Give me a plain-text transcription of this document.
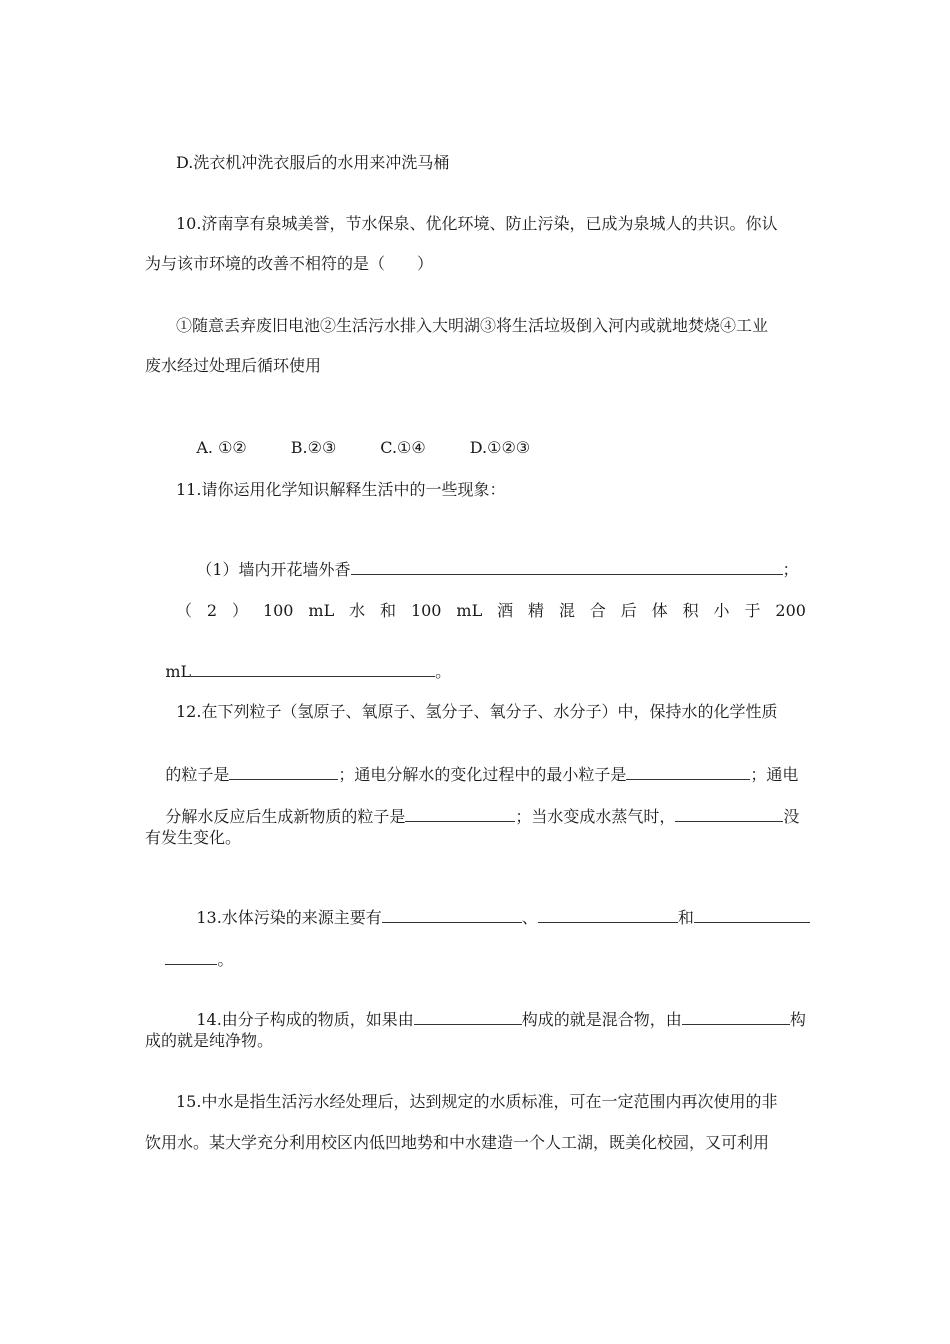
D.洗衣机冲洗衣服后的水用来冲洗马桶
10.济南享有泉城美誉，节水保泉、优化环境、防止污染，已成为泉城人的共识。你认
为与该市环境的改善不相符的是（　　）
①随意丢弃废旧电池②生活污水排入大明湖③将生活垃圾倒入河内或就地焚烧④工业
废水经过处理后循环使用

A. ①②	B.②③	C.①④	D.①②③

11.请你运用化学知识解释生活中的一些现象：

（1）墙内开花墙外香	；

（ 2 ） 100 mL 水 和 100 mL 酒 精 混 合 后 体 积 小 于 200

mL	。

12.在下列粒子（氢原子、氧原子、氢分子、氧分子、水分子）中，保持水的化学性质

的粒子是	；通电分解水的变化过程中的最小粒子是	；通电

分解水反应后生成新物质的粒子是	；当水变成水蒸气时，	没

有发生变化。

13.水体污染的来源主要有	、	和

。

14.由分子构成的物质，如果由	构成的就是混合物，由	构

成的就是纯净物。
15.中水是指生活污水经处理后，达到规定的水质标准，可在一定范围内再次使用的非
饮用水。某大学充分利用校区内低凹地势和中水建造一个人工湖，既美化校园，又可利用
